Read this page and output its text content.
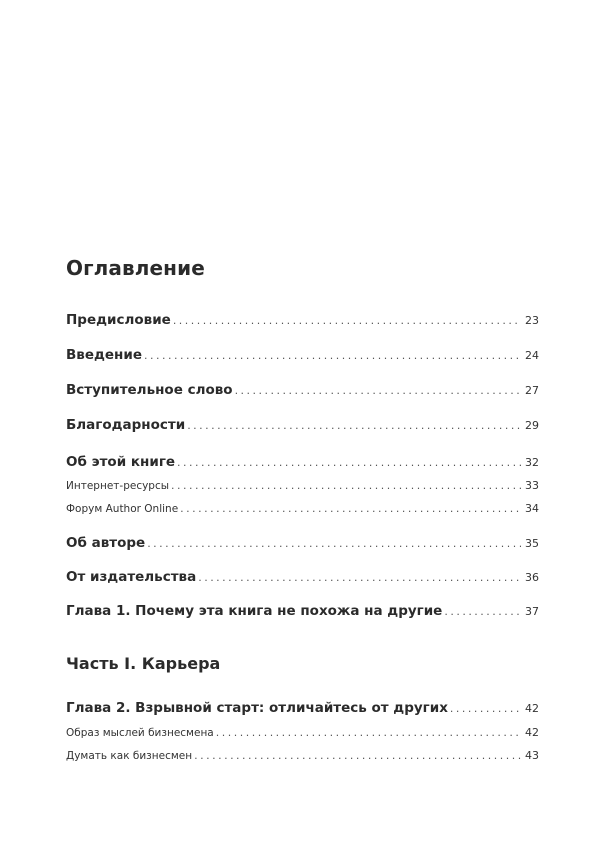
Оглавление
Предисловие . . .	23
Введение . . .	24
Вступительное слово . . .	27
Благодарности . . .	29
Об этой книге . . .	32
Интернет-ресурсы . . .	33
Форум Author Online . . .	34
Об авторе . . .	35
От издательства . . .	36
Глава 1. Почему эта книга не похожа на другие . . .	37
Часть I. Карьера
Глава 2. Взрывной старт: отличайтесь от других . . .	42
Образ мыслей бизнесмена . . .	42
Думать как бизнесмен . . .	43
